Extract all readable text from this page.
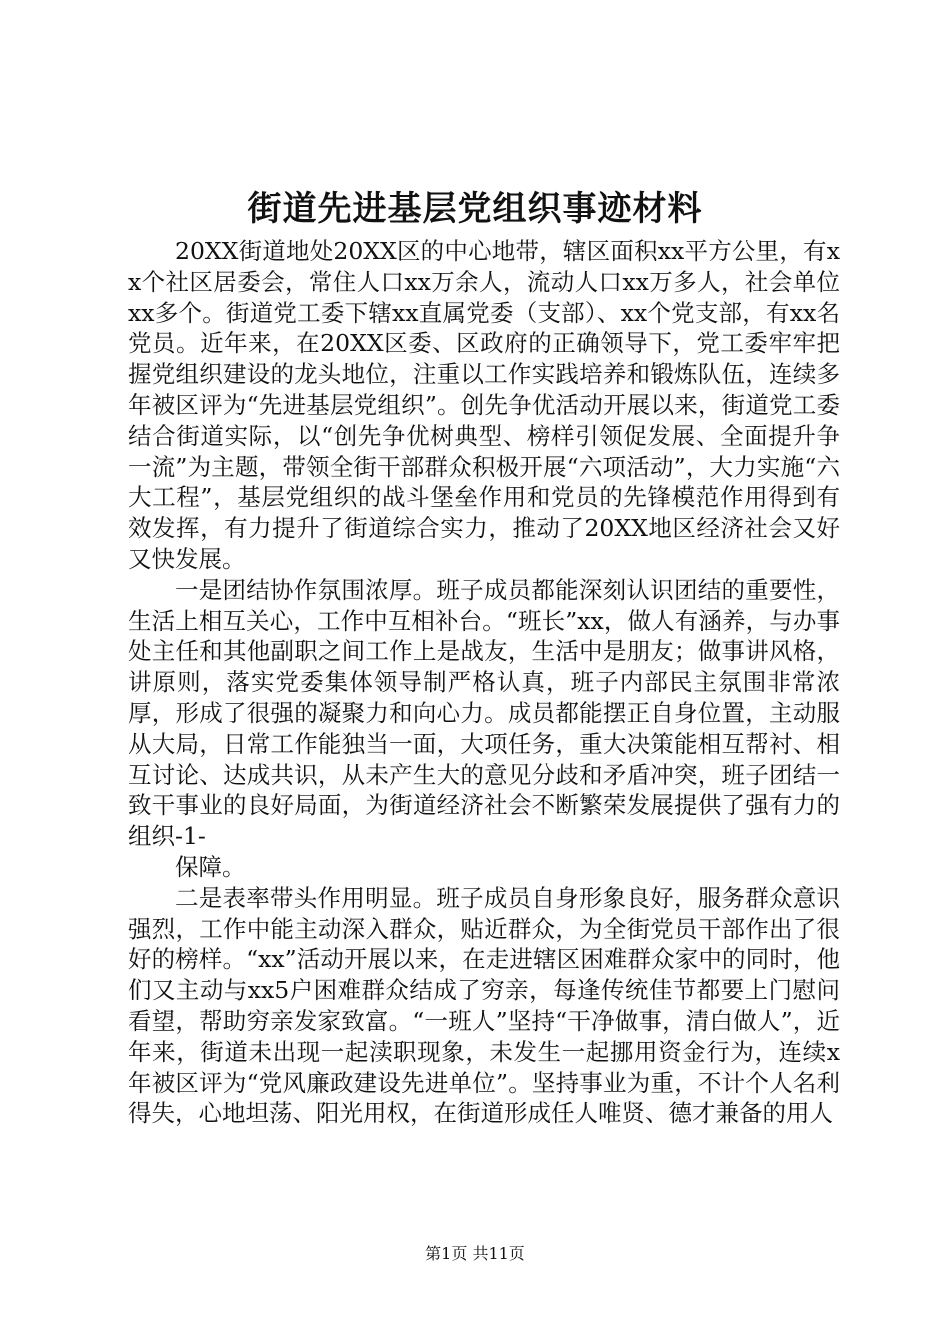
街道先进基层党组织事迹材料

20XX街道地处20XX区的中心地带，辖区面积xx平方公里，有xx个社区居委会，常住人口xx万余人，流动人口xx万多人，社会单位xx多个。街道党工委下辖xx直属党委（支部）、xx个党支部，有xx名党员。近年来，在20XX区委、区政府的正确领导下，党工委牢牢把握党组织建设的龙头地位，注重以工作实践培养和锻炼队伍，连续多年被区评为“先进基层党组织”。创先争优活动开展以来，街道党工委结合街道实际，以“创先争优树典型、榜样引领促发展、全面提升争一流”为主题，带领全街干部群众积极开展“六项活动”，大力实施“六大工程”，基层党组织的战斗堡垒作用和党员的先锋模范作用得到有效发挥，有力提升了街道综合实力，推动了20XX地区经济社会又好又快发展。

一是团结协作氛围浓厚。班子成员都能深刻认识团结的重要性，生活上相互关心，工作中互相补台。“班长”xx，做人有涵养，与办事处主任和其他副职之间工作上是战友，生活中是朋友；做事讲风格，讲原则，落实党委集体领导制严格认真，班子内部民主氛围非常浓厚，形成了很强的凝聚力和向心力。成员都能摆正自身位置，主动服从大局，日常工作能独当一面，大项任务，重大决策能相互帮衬、相互讨论、达成共识，从未产生大的意见分歧和矛盾冲突，班子团结一致干事业的良好局面，为街道经济社会不断繁荣发展提供了强有力的组织-1-

保障。

二是表率带头作用明显。班子成员自身形象良好，服务群众意识强烈，工作中能主动深入群众，贴近群众，为全街党员干部作出了很好的榜样。“xx”活动开展以来，在走进辖区困难群众家中的同时，他们又主动与xx5户困难群众结成了穷亲，每逢传统佳节都要上门慰问看望，帮助穷亲发家致富。“一班人”坚持“干净做事，清白做人”，近年来，街道未出现一起渎职现象，未发生一起挪用资金行为，连续x年被区评为“党风廉政建设先进单位”。坚持事业为重，不计个人名利得失，心地坦荡、阳光用权，在街道形成任人唯贤、德才兼备的用人

第1页 共11页
